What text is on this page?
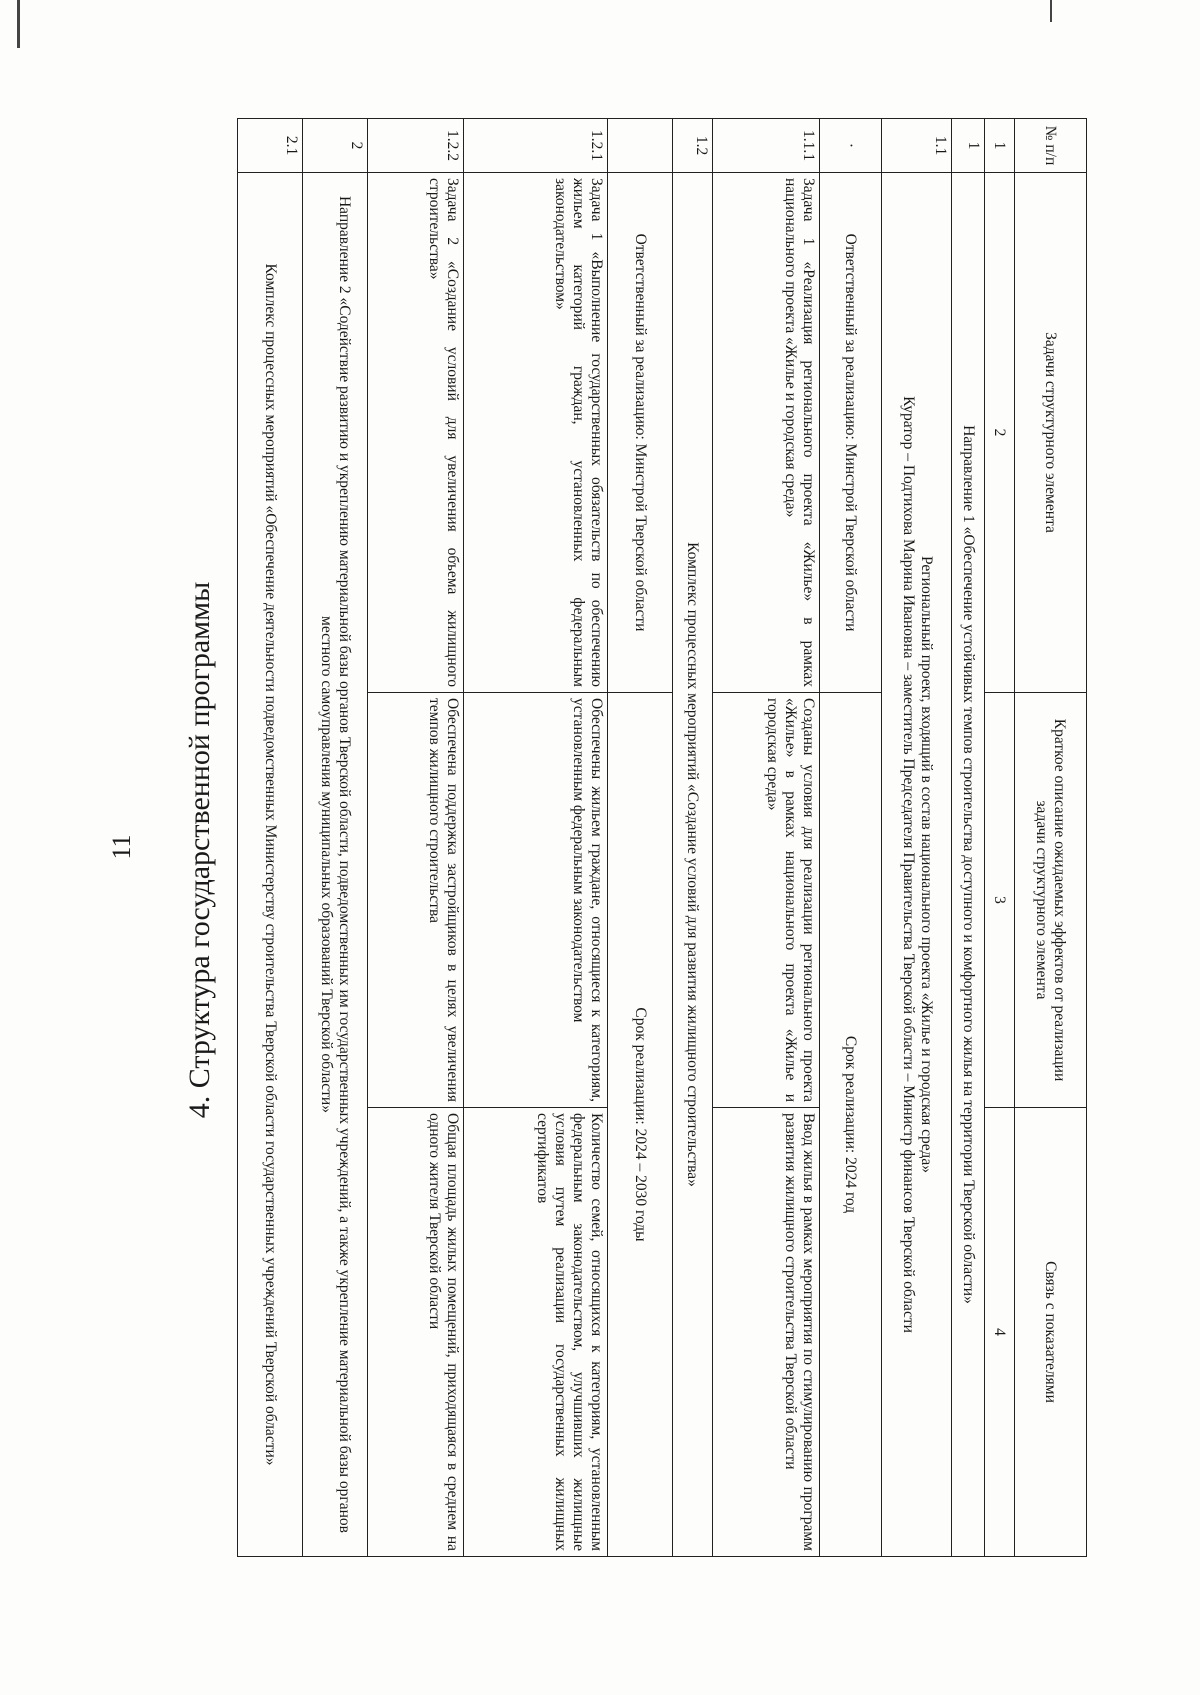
11 4. Структура государственной программы
№ п/п	Задачи структурного элемента	Краткое описание ожидаемых эффектов от реализации задачи структурного элемента	Связь с показателями
1	2	3	4
1	Направление 1 «Обеспечение устойчивых темпов строительства доступного и комфортного жилья на территории Тверской области»		
1.1	Региональный проект, входящий в состав национального проекта «Жилье и городская среда»
Куратор – Подтихова Марина Ивановна – заместитель Председателя Правительства Тверской области – Министр финансов Тверской области		

·	Ответственный за реализацию: Минстрой Тверской области	Срок реализации: 2024 год	
1.1.1	Задача 1 «Реализация регионального проекта «Жилье» в рамках национального проекта «Жилье и городская среда»	Созданы условия для реализации регионального проекта «Жилье» в рамках национального проекта «Жилье и городская среда»	Ввод жилья в рамках мероприятия по стимулированию программ развития жилищного строительства Тверской области
1.2	Комплекс процессных мероприятий «Создание условий для развития жилищного строительства»		
	Ответственный за реализацию: Минстрой Тверской области	Срок реализации: 2024 – 2030 годы	
1.2.1	Задача 1 «Выполнение государственных обязательств по обеспечению жильем категорий граждан, установленных федеральным законодательством»	Обеспечены жильем граждане, относящиеся к категориям, установленным федеральным законодательством	Количество семей, относящихся к категориям, установленным федеральным законодательством, улучшивших жилищные условия путем реализации государственных жилищных сертификатов
1.2.2	Задача 2 «Создание условий для увеличения объема жилищного строительства»	Обеспечена поддержка застройщиков в целях увеличения темпов жилищного строительства	Общая площадь жилых помещений, приходящаяся в среднем на одного жителя Тверской области
2	Направление 2 «Содействие развитию и укреплению материальной базы органов Тверской области, подведомственных им государственных учреждений, а также укрепление материальной базы органов местного самоуправления муниципальных образований Тверской области»		
2.1	Комплекс процессных мероприятий «Обеспечение деятельности подведомственных Министерству строительства Тверской области государственных учреждений Тверской области»		
